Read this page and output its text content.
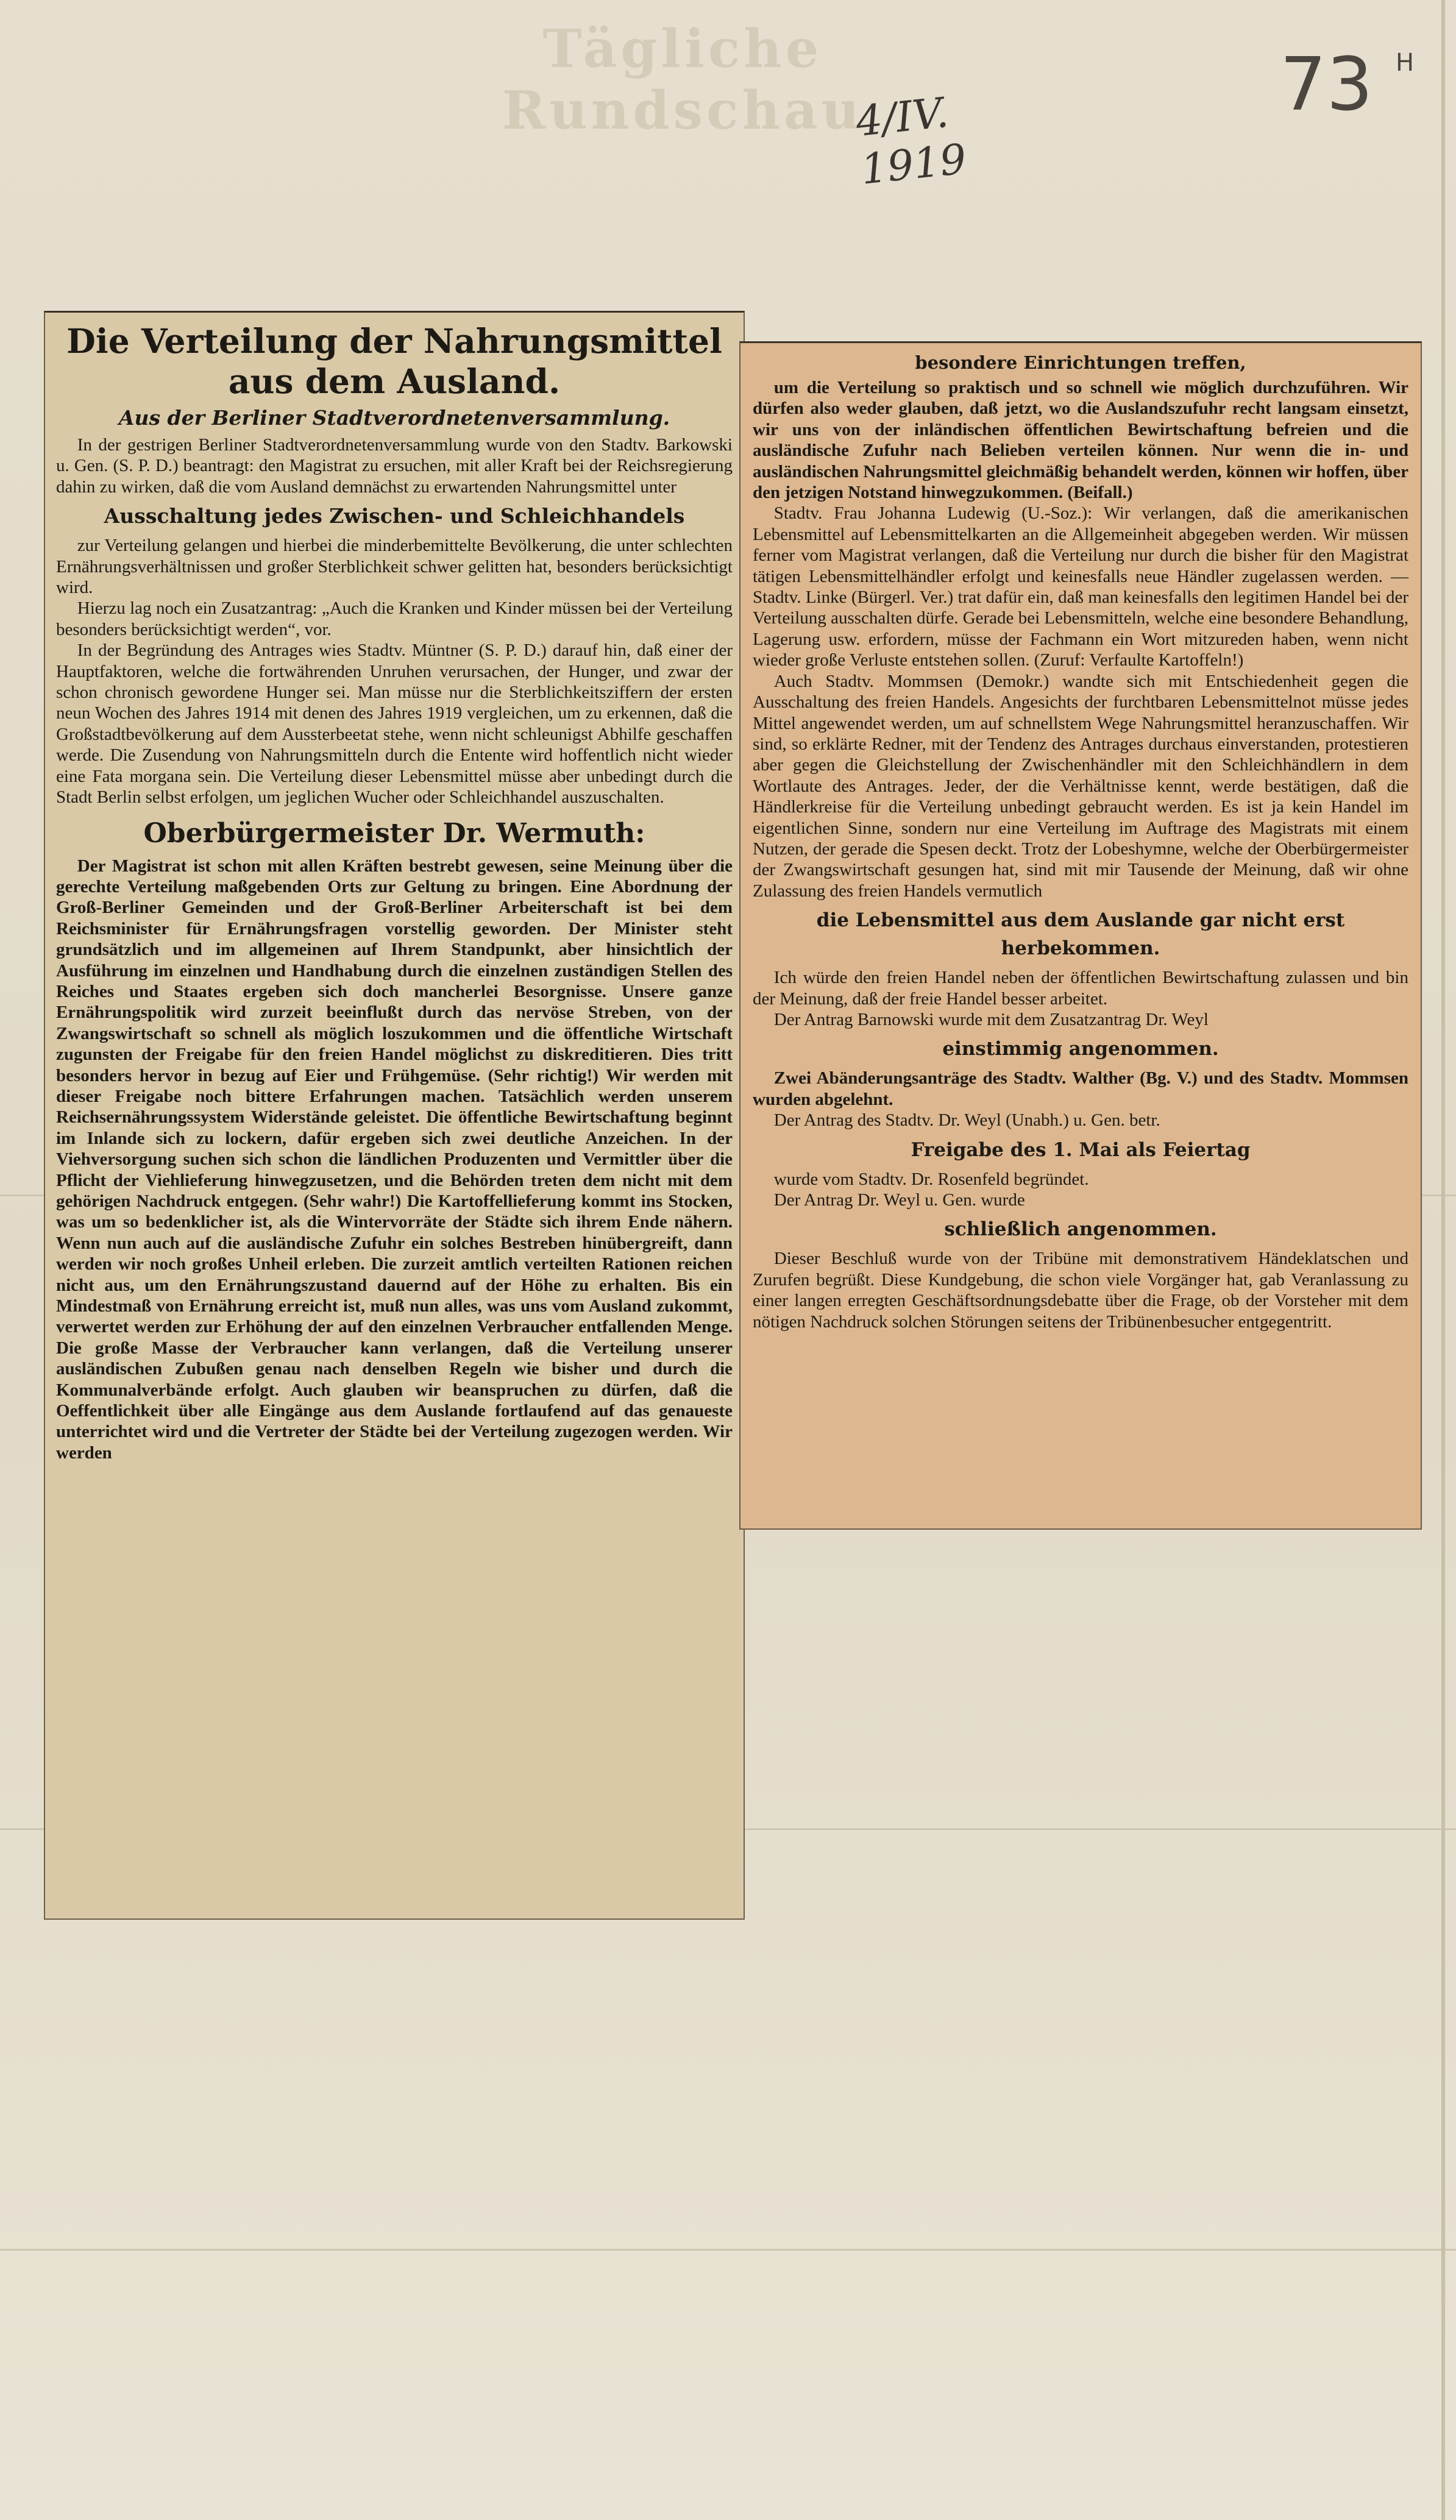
Tägliche Rundschau
4/IV. 1919
73 H
Die Verteilung der Nahrungsmittel aus dem Ausland.
Aus der Berliner Stadtverordnetenversammlung.

In der gestrigen Berliner Stadtverordnetenversammlung wurde von den Stadtv. Barkowski u. Gen. (S. P. D.) beantragt: den Magistrat zu ersuchen, mit aller Kraft bei der Reichsregierung dahin zu wirken, daß die vom Ausland demnächst zu erwartenden Nahrungsmittel unter

Ausschaltung jedes Zwischen- und Schleichhandels

zur Verteilung gelangen und hierbei die minderbemittelte Bevölkerung, die unter schlechten Ernährungsverhältnissen und großer Sterblichkeit schwer gelitten hat, besonders berücksichtigt wird.

Hierzu lag noch ein Zusatzantrag: „Auch die Kranken und Kinder müssen bei der Verteilung besonders berücksichtigt werden“, vor.

In der Begründung des Antrages wies Stadtv. Müntner (S. P. D.) darauf hin, daß einer der Hauptfaktoren, welche die fortwährenden Unruhen verursachen, der Hunger, und zwar der schon chronisch gewordene Hunger sei. Man müsse nur die Sterblichkeitsziffern der ersten neun Wochen des Jahres 1914 mit denen des Jahres 1919 vergleichen, um zu erkennen, daß die Großstadtbevölkerung auf dem Aussterbeetat stehe, wenn nicht schleunigst Abhilfe geschaffen werde. Die Zusendung von Nahrungsmitteln durch die Entente wird hoffentlich nicht wieder eine Fata morgana sein. Die Verteilung dieser Lebensmittel müsse aber unbedingt durch die Stadt Berlin selbst erfolgen, um jeglichen Wucher oder Schleichhandel auszuschalten.

Oberbürgermeister Dr. Wermuth:

Der Magistrat ist schon mit allen Kräften bestrebt gewesen, seine Meinung über die gerechte Verteilung maßgebenden Orts zur Geltung zu bringen. Eine Abordnung der Groß-Berliner Gemeinden und der Groß-Berliner Arbeiterschaft ist bei dem Reichsminister für Ernährungsfragen vorstellig geworden. Der Minister steht grundsätzlich und im allgemeinen auf Ihrem Standpunkt, aber hinsichtlich der Ausführung im einzelnen und Handhabung durch die einzelnen zuständigen Stellen des Reiches und Staates ergeben sich doch mancherlei Besorgnisse. Unsere ganze Ernährungspolitik wird zurzeit beeinflußt durch das nervöse Streben, von der Zwangswirtschaft so schnell als möglich loszukommen und die öffentliche Wirtschaft zugunsten der Freigabe für den freien Handel möglichst zu diskreditieren. Dies tritt besonders hervor in bezug auf Eier und Frühgemüse. (Sehr richtig!) Wir werden mit dieser Freigabe noch bittere Erfahrungen machen. Tatsächlich werden unserem Reichsernährungssystem Widerstände geleistet. Die öffentliche Bewirtschaftung beginnt im Inlande sich zu lockern, dafür ergeben sich zwei deutliche Anzeichen. In der Viehversorgung suchen sich schon die ländlichen Produzenten und Vermittler über die Pflicht der Viehlieferung hinwegzusetzen, und die Behörden treten dem nicht mit dem gehörigen Nachdruck entgegen. (Sehr wahr!) Die Kartoffellieferung kommt ins Stocken, was um so bedenklicher ist, als die Wintervorräte der Städte sich ihrem Ende nähern. Wenn nun auch auf die ausländische Zufuhr ein solches Bestreben hinübergreift, dann werden wir noch großes Unheil erleben. Die zurzeit amtlich verteilten Rationen reichen nicht aus, um den Ernährungszustand dauernd auf der Höhe zu erhalten. Bis ein Mindestmaß von Ernährung erreicht ist, muß nun alles, was uns vom Ausland zukommt, verwertet werden zur Erhöhung der auf den einzelnen Verbraucher entfallenden Menge. Die große Masse der Verbraucher kann verlangen, daß die Verteilung unserer ausländischen Zubußen genau nach denselben Regeln wie bisher und durch die Kommunalverbände erfolgt. Auch glauben wir beanspruchen zu dürfen, daß die Oeffentlichkeit über alle Eingänge aus dem Auslande fortlaufend auf das genaueste unterrichtet wird und die Vertreter der Städte bei der Verteilung zugezogen werden. Wir werden

besondere Einrichtungen treffen,

um die Verteilung so praktisch und so schnell wie möglich durchzuführen. Wir dürfen also weder glauben, daß jetzt, wo die Auslandszufuhr recht langsam einsetzt, wir uns von der inländischen öffentlichen Bewirtschaftung befreien und die ausländische Zufuhr nach Belieben verteilen können. Nur wenn die in- und ausländischen Nahrungsmittel gleichmäßig behandelt werden, können wir hoffen, über den jetzigen Notstand hinwegzukommen. (Beifall.)

Stadtv. Frau Johanna Ludewig (U.-Soz.): Wir verlangen, daß die amerikanischen Lebensmittel auf Lebensmittelkarten an die Allgemeinheit abgegeben werden. Wir müssen ferner vom Magistrat verlangen, daß die Verteilung nur durch die bisher für den Magistrat tätigen Lebensmittelhändler erfolgt und keinesfalls neue Händler zugelassen werden. — Stadtv. Linke (Bürgerl. Ver.) trat dafür ein, daß man keinesfalls den legitimen Handel bei der Verteilung ausschalten dürfe. Gerade bei Lebensmitteln, welche eine besondere Behandlung, Lagerung usw. erfordern, müsse der Fachmann ein Wort mitzureden haben, wenn nicht wieder große Verluste entstehen sollen. (Zuruf: Verfaulte Kartoffeln!)

Auch Stadtv. Mommsen (Demokr.) wandte sich mit Entschiedenheit gegen die Ausschaltung des freien Handels. Angesichts der furchtbaren Lebensmittelnot müsse jedes Mittel angewendet werden, um auf schnellstem Wege Nahrungsmittel heranzuschaffen. Wir sind, so erklärte Redner, mit der Tendenz des Antrages durchaus einverstanden, protestieren aber gegen die Gleichstellung der Zwischenhändler mit den Schleichhändlern in dem Wortlaute des Antrages. Jeder, der die Verhältnisse kennt, werde bestätigen, daß die Händlerkreise für die Verteilung unbedingt gebraucht werden. Es ist ja kein Handel im eigentlichen Sinne, sondern nur eine Verteilung im Auftrage des Magistrats mit einem Nutzen, der gerade die Spesen deckt. Trotz der Lobeshymne, welche der Oberbürgermeister der Zwangswirtschaft gesungen hat, sind mit mir Tausende der Meinung, daß wir ohne Zulassung des freien Handels vermutlich

die Lebensmittel aus dem Auslande gar nicht erst herbekommen.

Ich würde den freien Handel neben der öffentlichen Bewirtschaftung zulassen und bin der Meinung, daß der freie Handel besser arbeitet.

Der Antrag Barnowski wurde mit dem Zusatzantrag Dr. Weyl

einstimmig angenommen.

Zwei Abänderungsanträge des Stadtv. Walther (Bg. V.) und des Stadtv. Mommsen wurden abgelehnt.

Der Antrag des Stadtv. Dr. Weyl (Unabh.) u. Gen. betr.

Freigabe des 1. Mai als Feiertag

wurde vom Stadtv. Dr. Rosenfeld begründet.

Der Antrag Dr. Weyl u. Gen. wurde

schließlich angenommen.

Dieser Beschluß wurde von der Tribüne mit demonstrativem Händeklatschen und Zurufen begrüßt. Diese Kundgebung, die schon viele Vorgänger hat, gab Veranlassung zu einer langen erregten Geschäftsordnungsdebatte über die Frage, ob der Vorsteher mit dem nötigen Nachdruck solchen Störungen seitens der Tribünenbesucher entgegentritt.
